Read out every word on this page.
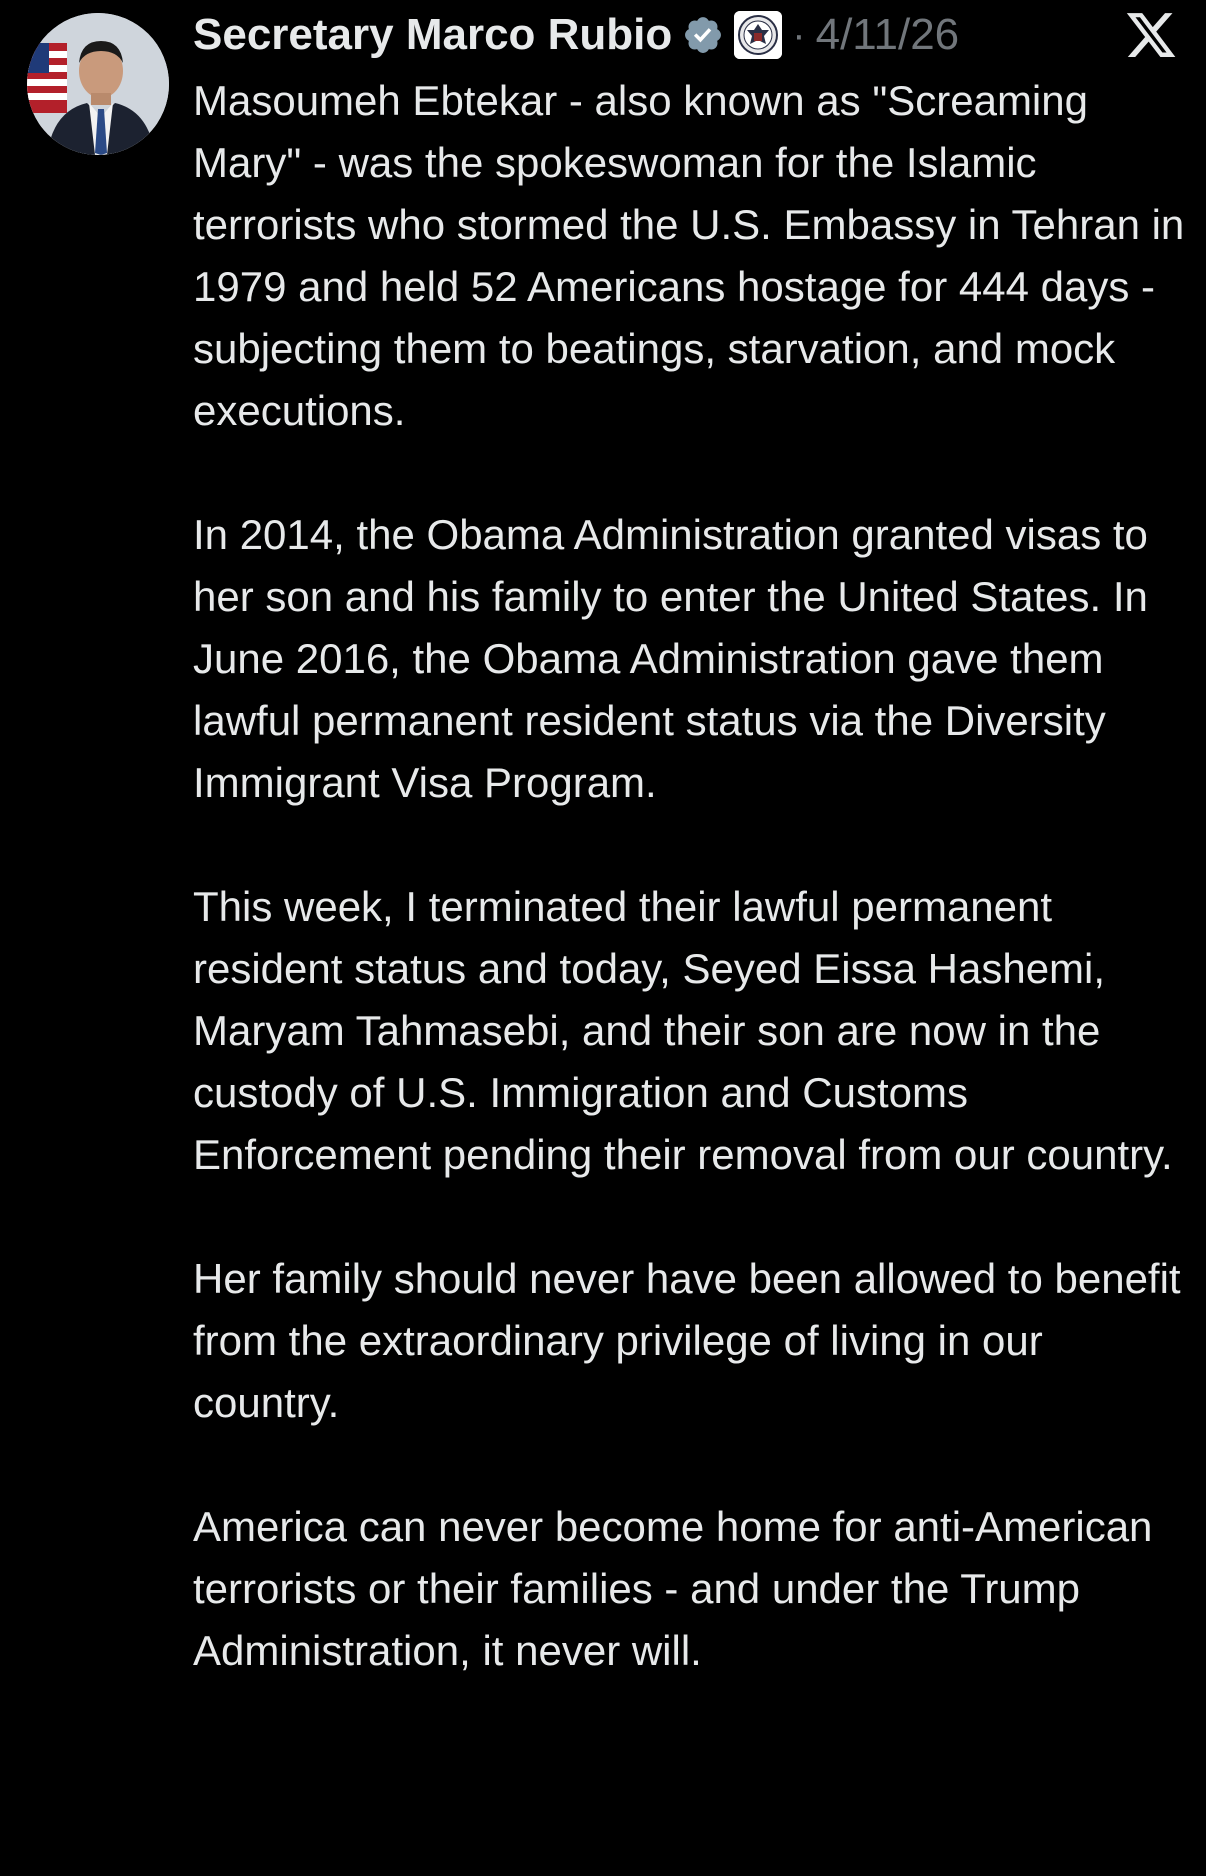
Secretary Marco Rubio	· 4/11/26

Masoumeh Ebtekar - also known as "Screaming Mary" - was the spokeswoman for the Islamic terrorists who stormed the U.S. Embassy in Tehran in 1979 and held 52 Americans hostage for 444 days - subjecting them to beatings, starvation, and mock executions.

In 2014, the Obama Administration granted visas to her son and his family to enter the United States. In June 2016, the Obama Administration gave them lawful permanent resident status via the Diversity Immigrant Visa Program.

This week, I terminated their lawful permanent resident status and today, Seyed Eissa Hashemi, Maryam Tahmasebi, and their son are now in the custody of U.S. Immigration and Customs Enforcement pending their removal from our country.

Her family should never have been allowed to benefit from the extraordinary privilege of living in our country.

America can never become home for anti-American terrorists or their families - and under the Trump Administration, it never will.
